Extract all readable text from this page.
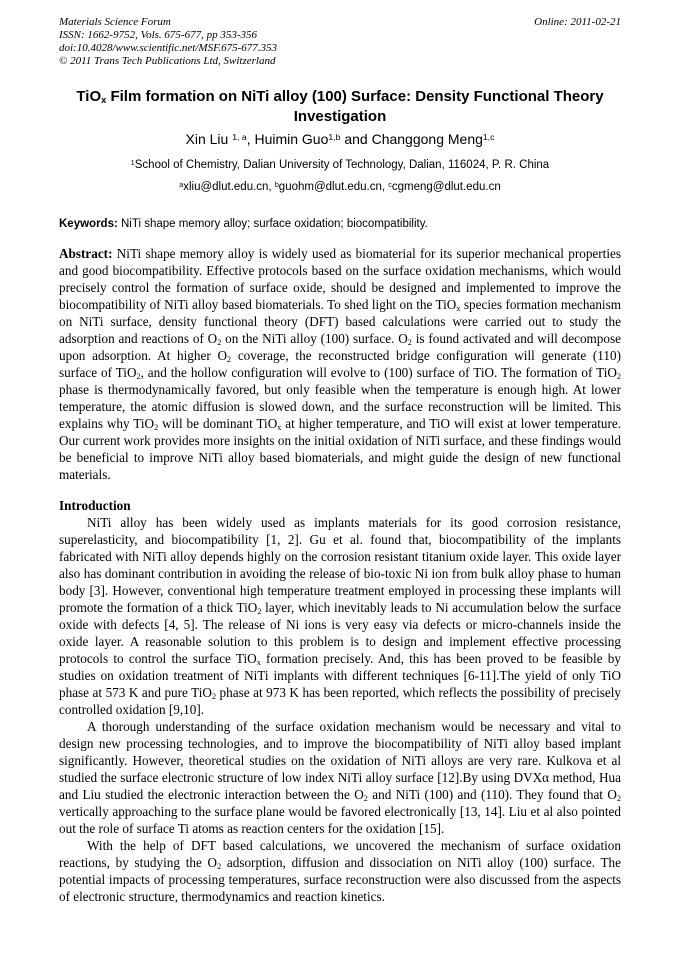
Materials Science Forum
ISSN: 1662-9752, Vols. 675-677, pp 353-356
doi:10.4028/www.scientific.net/MSF.675-677.353
© 2011 Trans Tech Publications Ltd, Switzerland
Online: 2011-02-21
TiO$_x$ Film formation on NiTi alloy (100) Surface: Density Functional Theory Investigation
Xin Liu $^{1, a}$, Huimin Guo$^{1,b}$ and Changgong Meng$^{1,c}$
$^1$School of Chemistry, Dalian University of Technology, Dalian, 116024, P. R. China
$^a$xliu@dlut.edu.cn, $^b$guohm@dlut.edu.cn, $^c$cgmeng@dlut.edu.cn
Keywords: NiTi shape memory alloy; surface oxidation; biocompatibility.

Abstract: NiTi shape memory alloy is widely used as biomaterial for its superior mechanical properties and good biocompatibility. Effective protocols based on the surface oxidation mechanisms, which would precisely control the formation of surface oxide, should be designed and implemented to improve the biocompatibility of NiTi alloy based biomaterials. To shed light on the TiO$_x$ species formation mechanism on NiTi surface, density functional theory (DFT) based calculations were carried out to study the adsorption and reactions of $O_2$ on the NiTi alloy (100) surface. $O_2$ is found activated and will decompose upon adsorption. At higher $O_2$ coverage, the reconstructed bridge configuration will generate (110) surface of TiO$_2$, and the hollow configuration will evolve to (100) surface of TiO. The formation of TiO$_2$ phase is thermodynamically favored, but only feasible when the temperature is enough high. At lower temperature, the atomic diffusion is slowed down, and the surface reconstruction will be limited. This explains why TiO$_2$ will be dominant TiO$_x$ at higher temperature, and TiO will exist at lower temperature. Our current work provides more insights on the initial oxidation of NiTi surface, and these findings would be beneficial to improve NiTi alloy based biomaterials, and might guide the design of new functional materials.

Introduction

NiTi alloy has been widely used as implants materials for its good corrosion resistance, superelasticity, and biocompatibility [1, 2]. Gu et al. found that, biocompatibility of the implants fabricated with NiTi alloy depends highly on the corrosion resistant titanium oxide layer. This oxide layer also has dominant contribution in avoiding the release of bio-toxic Ni ion from bulk alloy phase to human body [3]. However, conventional high temperature treatment employed in processing these implants will promote the formation of a thick TiO$_2$ layer, which inevitably leads to Ni accumulation below the surface oxide with defects [4, 5]. The release of Ni ions is very easy via defects or micro-channels inside the oxide layer. A reasonable solution to this problem is to design and implement effective processing protocols to control the surface TiO$_x$ formation precisely. And, this has been proved to be feasible by studies on oxidation treatment of NiTi implants with different techniques [6-11].The yield of only TiO phase at 573 K and pure TiO$_2$ phase at 973 K has been reported, which reflects the possibility of precisely controlled oxidation [9,10].

A thorough understanding of the surface oxidation mechanism would be necessary and vital to design new processing technologies, and to improve the biocompatibility of NiTi alloy based implant significantly. However, theoretical studies on the oxidation of NiTi alloys are very rare. Kulkova et al studied the surface electronic structure of low index NiTi alloy surface [12].By using DVXα method, Hua and Liu studied the electronic interaction between the $O_2$ and NiTi (100) and (110). They found that $O_2$ vertically approaching to the surface plane would be favored electronically [13, 14]. Liu et al also pointed out the role of surface Ti atoms as reaction centers for the oxidation [15].

With the help of DFT based calculations, we uncovered the mechanism of surface oxidation reactions, by studying the $O_2$ adsorption, diffusion and dissociation on NiTi alloy (100) surface. The potential impacts of processing temperatures, surface reconstruction were also discussed from the aspects of electronic structure, thermodynamics and reaction kinetics.
